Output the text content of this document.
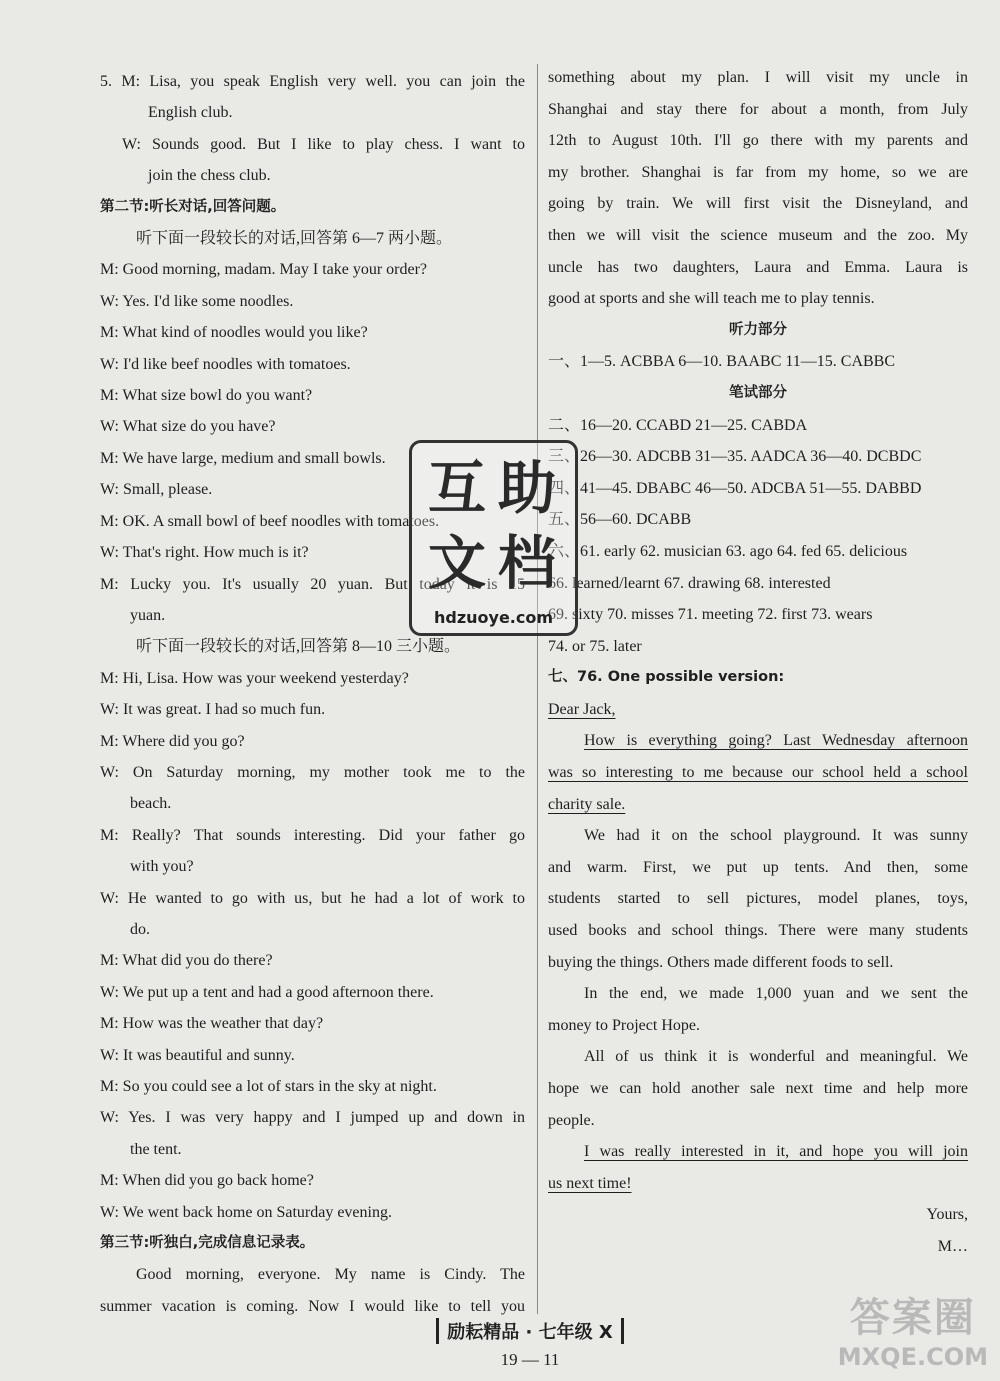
5. M: Lisa, you speak English very well. you can join the
English club.
W: Sounds good. But I like to play chess. I want to
join the chess club.
第二节:听长对话,回答问题。
听下面一段较长的对话,回答第 6—7 两小题。
M: Good morning, madam. May I take your order?
W: Yes. I'd like some noodles.
M: What kind of noodles would you like?
W: I'd like beef noodles with tomatoes.
M: What size bowl do you want?
W: What size do you have?
M: We have large, medium and small bowls.
W: Small, please.
M: OK. A small bowl of beef noodles with tomatoes.
W: That's right. How much is it?
M: Lucky you. It's usually 20 yuan. But today it is 15
yuan.
听下面一段较长的对话,回答第 8—10 三小题。
M: Hi, Lisa. How was your weekend yesterday?
W: It was great. I had so much fun.
M: Where did you go?
W: On Saturday morning, my mother took me to the
beach.
M: Really? That sounds interesting. Did your father go
with you?
W: He wanted to go with us, but he had a lot of work to
do.
M: What did you do there?
W: We put up a tent and had a good afternoon there.
M: How was the weather that day?
W: It was beautiful and sunny.
M: So you could see a lot of stars in the sky at night.
W: Yes. I was very happy and I jumped up and down in
the tent.
M: When did you go back home?
W: We went back home on Saturday evening.
第三节:听独白,完成信息记录表。
Good morning, everyone. My name is Cindy. The
summer vacation is coming. Now I would like to tell you
something about my plan. I will visit my uncle in
Shanghai and stay there for about a month, from July
12th to August 10th. I'll go there with my parents and
my brother. Shanghai is far from my home, so we are
going by train. We will first visit the Disneyland, and
then we will visit the science museum and the zoo. My
uncle has two daughters, Laura and Emma. Laura is
good at sports and she will teach me to play tennis.
听力部分
一、1—5. ACBBA 6—10. BAABC 11—15. CABBC
笔试部分
二、16—20. CCABD 21—25. CABDA
三、26—30. ADCBB 31—35. AADCA 36—40. DCBDC
四、41—45. DBABC 46—50. ADCBA 51—55. DABBD
五、56—60. DCABB
六、61. early 62. musician 63. ago 64. fed 65. delicious
66. learned/learnt 67. drawing 68. interested
69. sixty 70. misses 71. meeting 72. first 73. wears
74. or 75. later
七、76. One possible version:
Dear Jack,
How is everything going? Last Wednesday afternoon
was so interesting to me because our school held a school
charity sale.
We had it on the school playground. It was sunny
and warm. First, we put up tents. And then, some
students started to sell pictures, model planes, toys,
used books and school things. There were many students
buying the things. Others made different foods to sell.
In the end, we made 1,000 yuan and we sent the
money to Project Hope.
All of us think it is wonderful and meaningful. We
hope we can hold another sale next time and help more
people.
I was really interested in it, and hope you will join
us next time!
Yours,
M…
互 助
文 档
hdzuoye.com
励耘精品 · 七年级 X
19 — 11
答案圈
MXQE.COM
